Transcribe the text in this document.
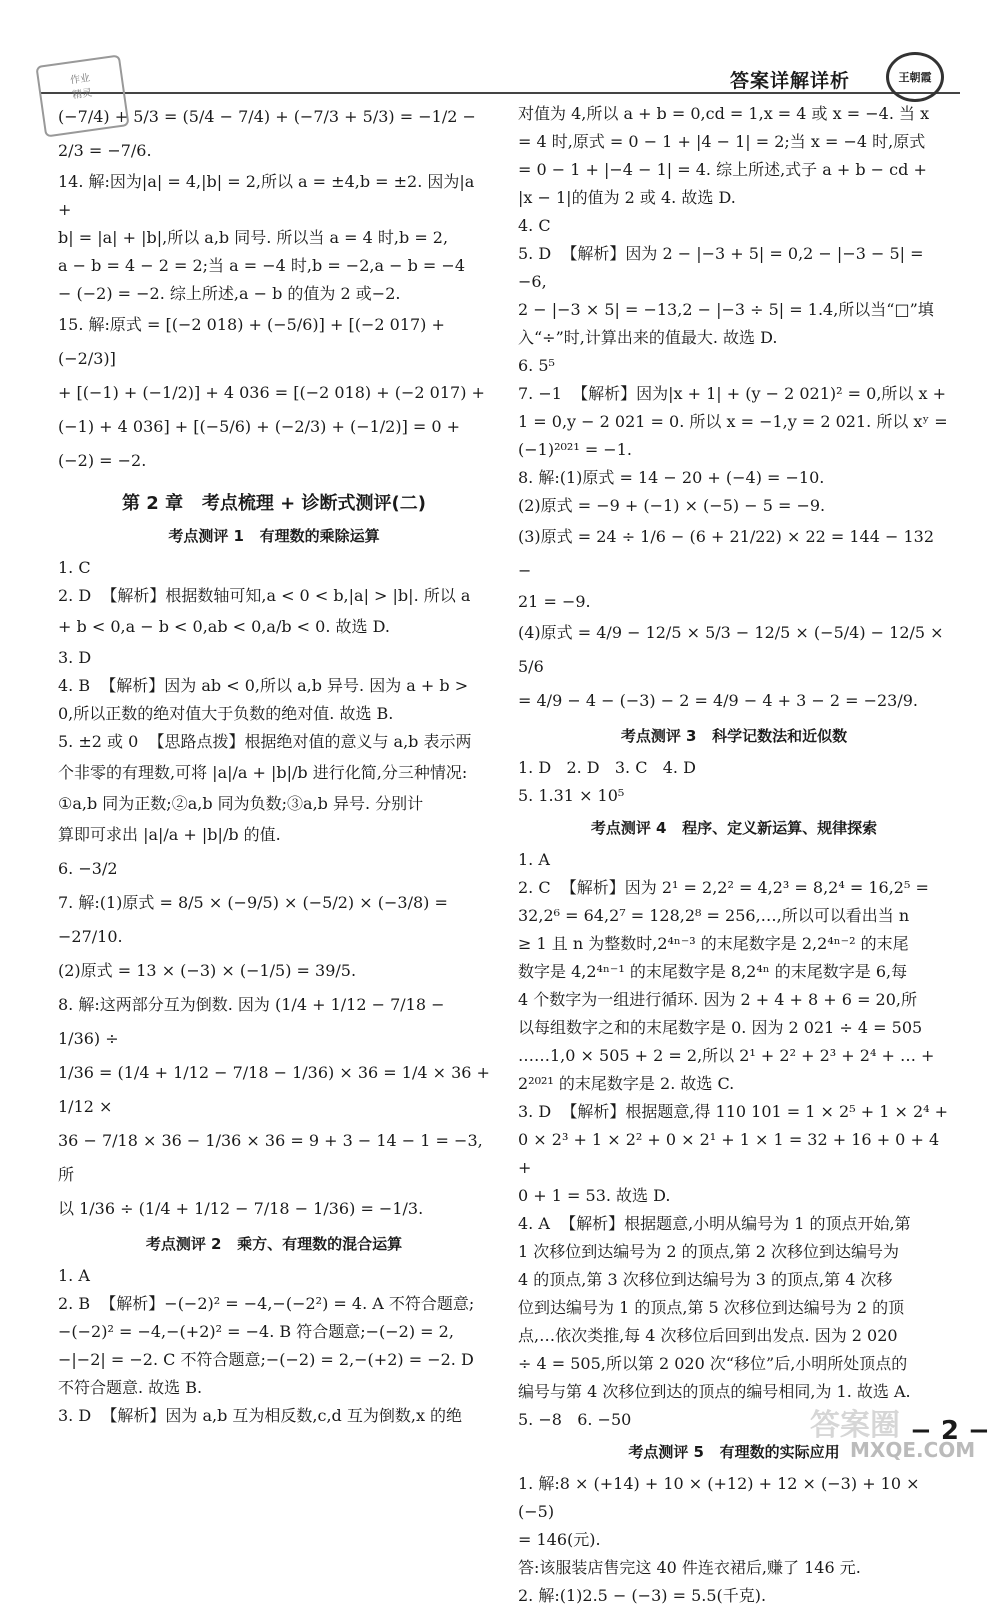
作业
精灵
答案详解详析	王朝霞
(−7/4) + 5/3 = (5/4 − 7/4) + (−7/3 + 5/3) = −1/2 −
2/3 = −7/6.
14. 解:因为|a| = 4,|b| = 2,所以 a = ±4,b = ±2. 因为|a +
b| = |a| + |b|,所以 a,b 同号. 所以当 a = 4 时,b = 2,
a − b = 4 − 2 = 2;当 a = −4 时,b = −2,a − b = −4
− (−2) = −2. 综上所述,a − b 的值为 2 或−2.
15. 解:原式 = [(−2 018) + (−5/6)] + [(−2 017) + (−2/3)]
+ [(−1) + (−1/2)] + 4 036 = [(−2 018) + (−2 017) +
(−1) + 4 036] + [(−5/6) + (−2/3) + (−1/2)] = 0 +
(−2) = −2.
第 2 章   考点梳理 + 诊断式测评(二)
考点测评 1   有理数的乘除运算
1. C
2. D  【解析】根据数轴可知,a < 0 < b,|a| > |b|. 所以 a
+ b < 0,a − b < 0,ab < 0,a/b < 0. 故选 D.
3. D
4. B  【解析】因为 ab < 0,所以 a,b 异号. 因为 a + b >
0,所以正数的绝对值大于负数的绝对值. 故选 B.
5. ±2 或 0  【思路点拨】根据绝对值的意义与 a,b 表示两
个非零的有理数,可将 |a|/a + |b|/b 进行化简,分三种情况:
①a,b 同为正数;②a,b 同为负数;③a,b 异号. 分别计
算即可求出 |a|/a + |b|/b 的值.
6. −3/2
7. 解:(1)原式 = 8/5 × (−9/5) × (−5/2) × (−3/8) = −27/10.
(2)原式 = 13 × (−3) × (−1/5) = 39/5.
8. 解:这两部分互为倒数. 因为 (1/4 + 1/12 − 7/18 − 1/36) ÷
1/36 = (1/4 + 1/12 − 7/18 − 1/36) × 36 = 1/4 × 36 + 1/12 ×
36 − 7/18 × 36 − 1/36 × 36 = 9 + 3 − 14 − 1 = −3,所
以 1/36 ÷ (1/4 + 1/12 − 7/18 − 1/36) = −1/3.
考点测评 2   乘方、有理数的混合运算
1. A
2. B  【解析】−(−2)² = −4,−(−2²) = 4. A 不符合题意;
−(−2)² = −4,−(+2)² = −4. B 符合题意;−(−2) = 2,
−|−2| = −2. C 不符合题意;−(−2) = 2,−(+2) = −2. D
不符合题意. 故选 B.
3. D  【解析】因为 a,b 互为相反数,c,d 互为倒数,x 的绝
对值为 4,所以 a + b = 0,cd = 1,x = 4 或 x = −4. 当 x
= 4 时,原式 = 0 − 1 + |4 − 1| = 2;当 x = −4 时,原式
= 0 − 1 + |−4 − 1| = 4. 综上所述,式子 a + b − cd +
|x − 1|的值为 2 或 4. 故选 D.
4. C
5. D  【解析】因为 2 − |−3 + 5| = 0,2 − |−3 − 5| = −6,
2 − |−3 × 5| = −13,2 − |−3 ÷ 5| = 1.4,所以当“□”填
入“÷”时,计算出来的值最大. 故选 D.
6. 5⁵
7. −1  【解析】因为|x + 1| + (y − 2 021)² = 0,所以 x +
1 = 0,y − 2 021 = 0. 所以 x = −1,y = 2 021. 所以 xʸ =
(−1)²⁰²¹ = −1.
8. 解:(1)原式 = 14 − 20 + (−4) = −10.
(2)原式 = −9 + (−1) × (−5) − 5 = −9.
(3)原式 = 24 ÷ 1/6 − (6 + 21/22) × 22 = 144 − 132 −
21 = −9.
(4)原式 = 4/9 − 12/5 × 5/3 − 12/5 × (−5/4) − 12/5 × 5/6
= 4/9 − 4 − (−3) − 2 = 4/9 − 4 + 3 − 2 = −23/9.
考点测评 3   科学记数法和近似数
1. D   2. D   3. C   4. D
5. 1.31 × 10⁵
考点测评 4   程序、定义新运算、规律探索
1. A
2. C  【解析】因为 2¹ = 2,2² = 4,2³ = 8,2⁴ = 16,2⁵ =
32,2⁶ = 64,2⁷ = 128,2⁸ = 256,…,所以可以看出当 n
≥ 1 且 n 为整数时,2⁴ⁿ⁻³ 的末尾数字是 2,2⁴ⁿ⁻² 的末尾
数字是 4,2⁴ⁿ⁻¹ 的末尾数字是 8,2⁴ⁿ 的末尾数字是 6,每
4 个数字为一组进行循环. 因为 2 + 4 + 8 + 6 = 20,所
以每组数字之和的末尾数字是 0. 因为 2 021 ÷ 4 = 505
……1,0 × 505 + 2 = 2,所以 2¹ + 2² + 2³ + 2⁴ + … +
2²⁰²¹ 的末尾数字是 2. 故选 C.
3. D  【解析】根据题意,得 110 101 = 1 × 2⁵ + 1 × 2⁴ +
0 × 2³ + 1 × 2² + 0 × 2¹ + 1 × 1 = 32 + 16 + 0 + 4 +
0 + 1 = 53. 故选 D.
4. A  【解析】根据题意,小明从编号为 1 的顶点开始,第
1 次移位到达编号为 2 的顶点,第 2 次移位到达编号为
4 的顶点,第 3 次移位到达编号为 3 的顶点,第 4 次移
位到达编号为 1 的顶点,第 5 次移位到达编号为 2 的顶
点,…依次类推,每 4 次移位后回到出发点. 因为 2 020
÷ 4 = 505,所以第 2 020 次“移位”后,小明所处顶点的
编号与第 4 次移位到达的顶点的编号相同,为 1. 故选 A.
5. −8   6. −50
考点测评 5   有理数的实际应用
1. 解:8 × (+14) + 10 × (+12) + 12 × (−3) + 10 × (−5)
= 146(元).
答:该服装店售完这 40 件连衣裙后,赚了 146 元.
2. 解:(1)2.5 − (−3) = 5.5(千克).
答案圈
MXQE.COM
− 2 −
